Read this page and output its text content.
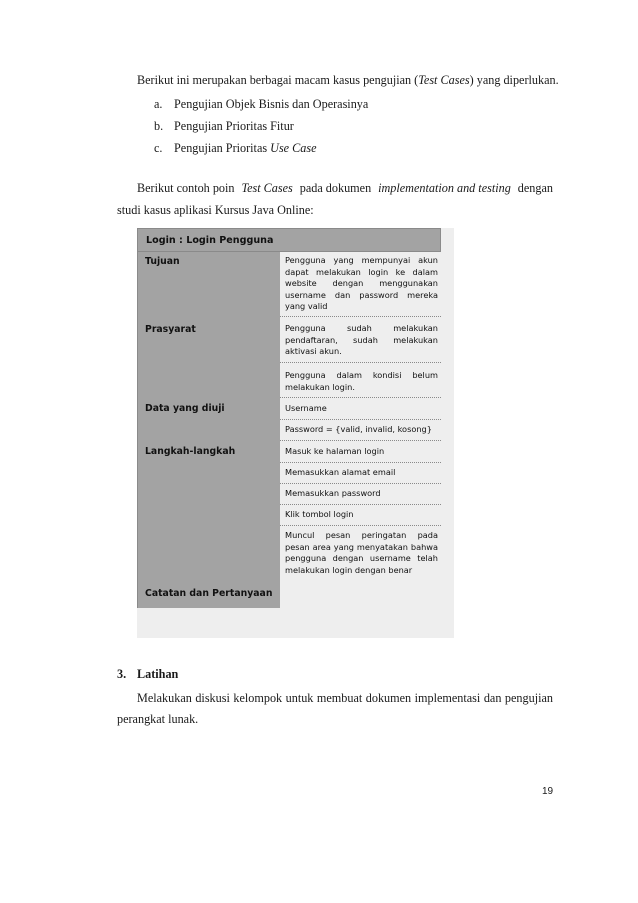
Berikut ini merupakan berbagai macam kasus pengujian (Test Cases) yang diperlukan.
a. Pengujian Objek Bisnis dan Operasinya
b. Pengujian Prioritas Fitur
c. Pengujian Prioritas Use Case
Berikut contoh poin Test Cases pada dokumen implementation and testing dengan
studi kasus aplikasi Kursus Java Online:
Login : Login Pengguna
Tujuan
Prasyarat
Data yang diuji
Langkah-langkah
Catatan dan Pertanyaan
Pengguna yang mempunyai akun
dapat melakukan login ke dalam
website dengan menggunakan
username dan password mereka
yang valid
Pengguna sudah melakukan
pendaftaran, sudah melakukan
aktivasi akun.
Pengguna dalam kondisi belum
melakukan login.
Username
Password = {valid, invalid, kosong}
Masuk ke halaman login
Memasukkan alamat email
Memasukkan password
Klik tombol login
Muncul pesan peringatan pada
pesan area yang menyatakan bahwa
pengguna dengan username telah
melakukan login dengan benar
3. Latihan
Melakukan diskusi kelompok untuk membuat dokumen implementasi dan pengujian
perangkat lunak.
19
